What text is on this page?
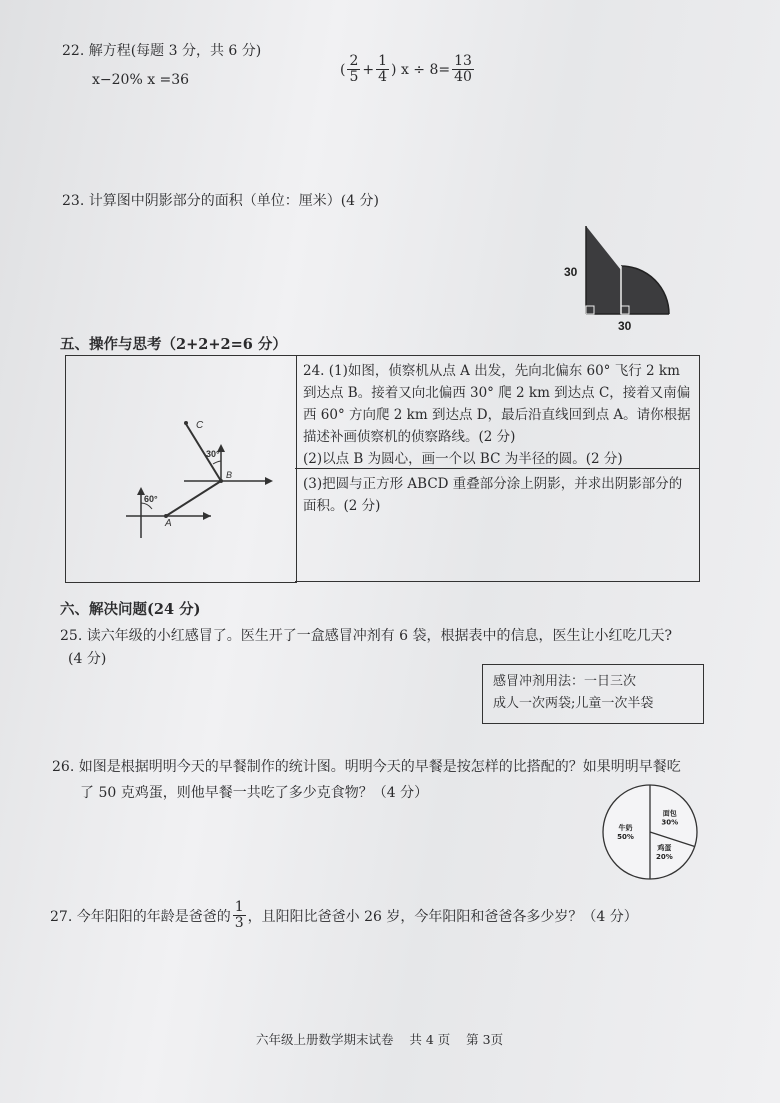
22. 解方程(每题 3 分，共 6 分)
x−20% x =36
( $\frac{2}{5} + \frac{1}{4}$ ) $x \div 8= \frac{13}{40}$
23. 计算图中阴影部分的面积（单位：厘米）(4 分)
30
30
五、操作与思考（2+2+2=6 分）
C
B
A
30°
60°
24. (1)如图，侦察机从点 A 出发，先向北偏东 60° 飞行 2 km 到达点 B。接着又向北偏西 30° 爬 2 km 到达点 C，接着又南偏西 60° 方向爬 2 km 到达点 D，最后沿直线回到点 A。请你根据描述补画侦察机的侦察路线。(2 分)
(2)以点 B 为圆心，画一个以 BC 为半径的圆。(2 分)
(3)把圆与正方形 ABCD 重叠部分涂上阴影，并求出阴影部分的面积。(2 分)
六、解决问题(24 分)
25. 读六年级的小红感冒了。医生开了一盒感冒冲剂有 6 袋，根据表中的信息，医生让小红吃几天?
(4 分)
感冒冲剂用法：一日三次
成人一次两袋;儿童一次半袋
26. 如图是根据明明今天的早餐制作的统计图。明明今天的早餐是按怎样的比搭配的？如果明明早餐吃
了 50 克鸡蛋，则他早餐一共吃了多少克食物？（4 分）
面包
30%
鸡蛋
20%
牛奶
50%
27. 今年阳阳的年龄是爸爸的 $\frac{1}{3}$ ，且阳阳比爸爸小 26 岁，今年阳阳和爸爸各多少岁？（4 分）
六年级上册数学期末试卷    共 4 页    第 3页
